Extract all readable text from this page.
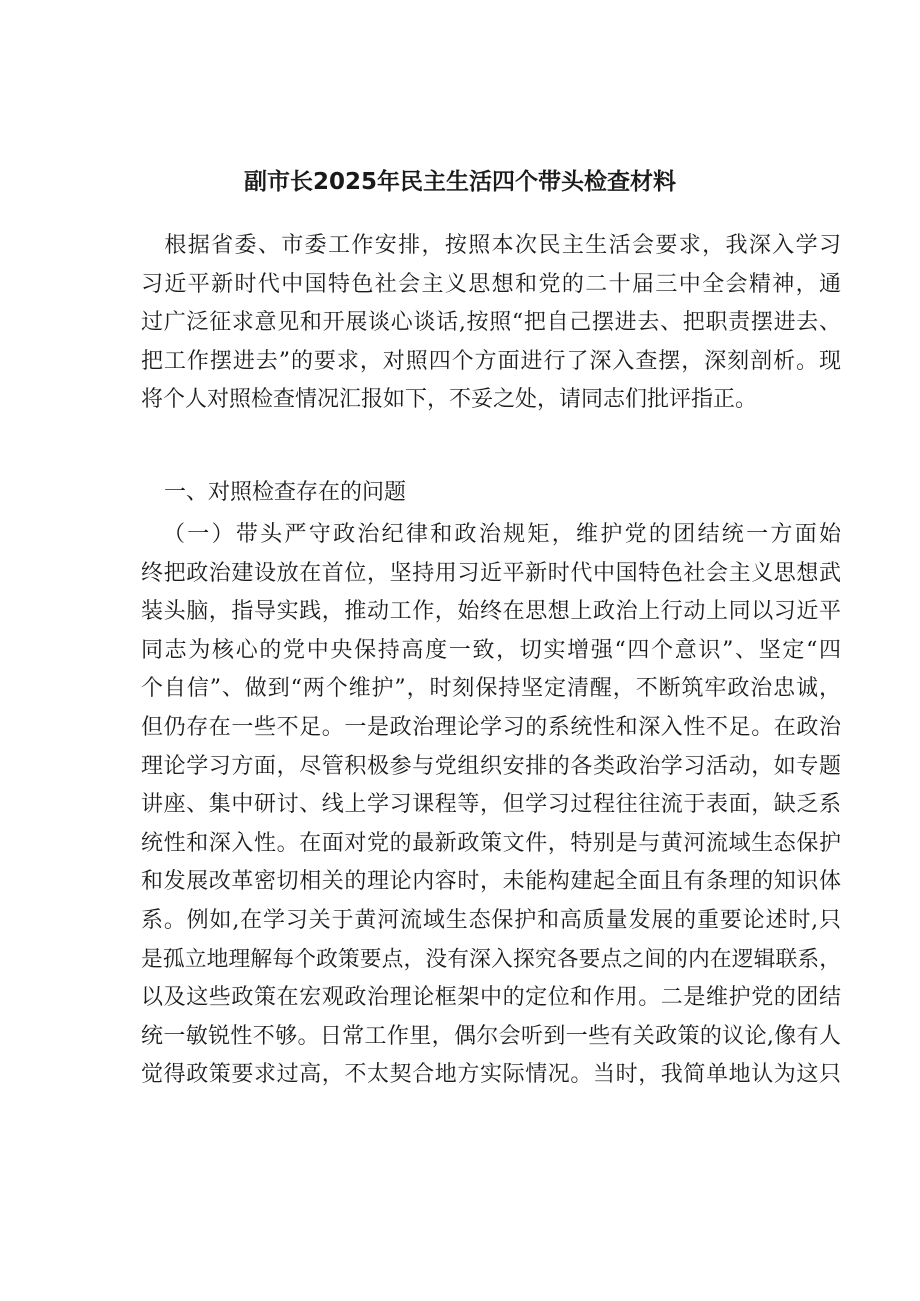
副市长2025年民主生活四个带头检查材料
　根据省委、市委工作安排，按照本次民主生活会要求，我深入学习
习近平新时代中国特色社会主义思想和党的二十届三中全会精神，通
过广泛征求意见和开展谈心谈话,按照“把自己摆进去、把职责摆进去、
把工作摆进去”的要求，对照四个方面进行了深入查摆，深刻剖析。现
将个人对照检查情况汇报如下，不妥之处，请同志们批评指正。
一、对照检查存在的问题
（一）带头严守政治纪律和政治规矩，维护党的团结统一方面始
终把政治建设放在首位，坚持用习近平新时代中国特色社会主义思想武
装头脑，指导实践，推动工作，始终在思想上政治上行动上同以习近平
同志为核心的党中央保持高度一致，切实增强“四个意识”、坚定“四
个自信”、做到“两个维护”，时刻保持坚定清醒，不断筑牢政治忠诚，
但仍存在一些不足。一是政治理论学习的系统性和深入性不足。在政治
理论学习方面，尽管积极参与党组织安排的各类政治学习活动，如专题
讲座、集中研讨、线上学习课程等，但学习过程往往流于表面，缺乏系
统性和深入性。在面对党的最新政策文件，特别是与黄河流域生态保护
和发展改革密切相关的理论内容时，未能构建起全面且有条理的知识体
系。例如,在学习关于黄河流域生态保护和高质量发展的重要论述时,只
是孤立地理解每个政策要点，没有深入探究各要点之间的内在逻辑联系，
以及这些政策在宏观政治理论框架中的定位和作用。二是维护党的团结
统一敏锐性不够。日常工作里，偶尔会听到一些有关政策的议论,像有人
觉得政策要求过高，不太契合地方实际情况。当时，我简单地认为这只
